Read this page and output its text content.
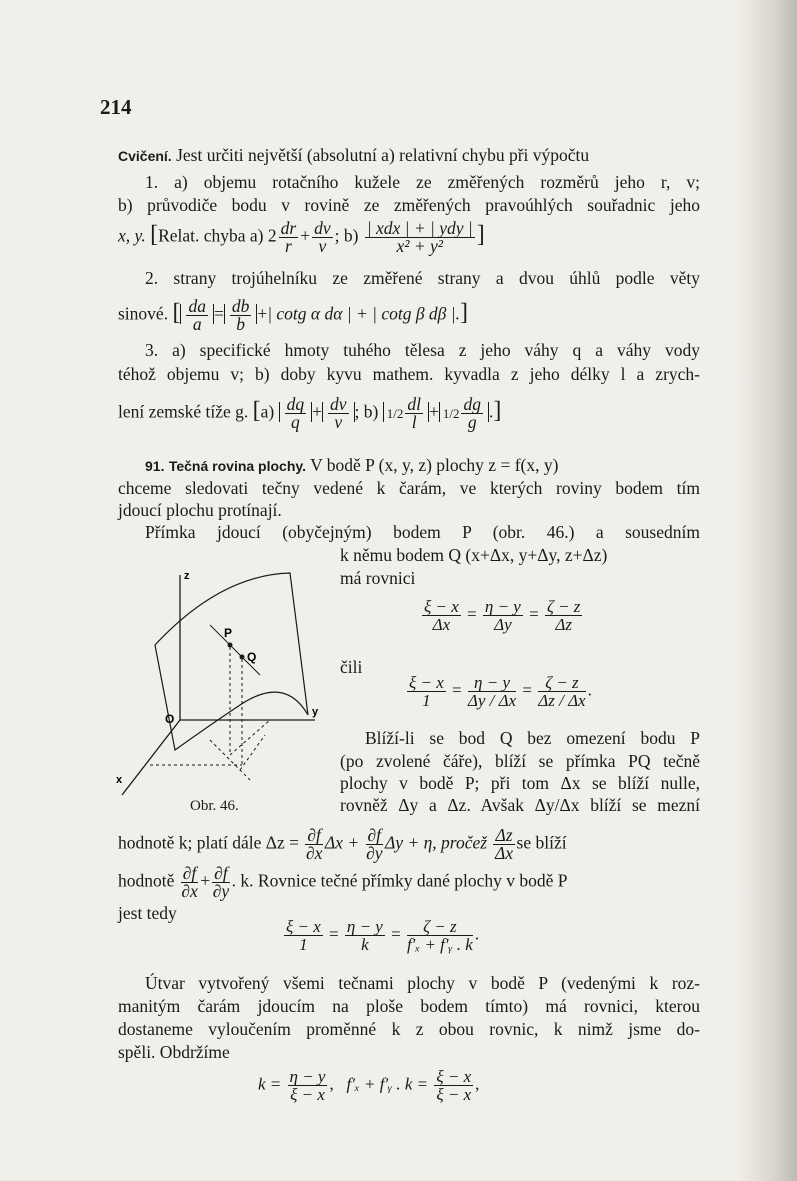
214
Cvičení. Jest určiti největší (absolutní a) relativní chybu při výpočtu
1. a) objemu rotačního kužele ze změřených rozměrů jeho r, v;
b) průvodiče bodu v rovině ze změřených pravoúhlých souřadnic jeho
x, y. [Relat. chyba a) $2 \frac{dr}{r} + \frac{dv}{v}$ ; $b) \frac{\text{| xdx | + | ydy |}}{\text{x² + y²}}$ ]
2. strany trojúhelníku ze změřené strany a dvou úhlů podle věty
sinové. [ $\frac{da}{a} = \frac{db}{b}$ +| cotg α dα | + | cotg β dβ |.]
3. a) specifické hmoty tuhého tělesa z jeho váhy q a váhy vody
téhož objemu v; b) doby kyvu mathem. kyvadla z jeho délky l a zrych-
lení zemské tíže g. $[a) \frac{dq}{q} + \frac{dv}{v}$ ; b) $1/2 \frac{dl}{l} + 1/2 \frac{dg}{g}$ .]
91. Tečná rovina plochy. V bodě P (x, y, z) plochy z = f(x, y)
chceme sledovati tečny vedené k čarám, ve kterých roviny bodem tím
jdoucí plochu protínají.
Přímka jdoucí (obyčejným) bodem P (obr. 46.) a sousedním
k němu bodem Q (x+Δx, y+Δy, z+Δz)
má rovnici
$\frac{\xi - x}{\Delta x} = \frac{\eta - y}{\Delta y} = \frac{\zeta - z}{\Delta z}$
čili
$\frac{\xi - x}{1} = \frac{\eta - y}{\Delta y / \Delta x} = \frac{\zeta - z}{\Delta z / \Delta x}$ .
Blíží-li se bod Q bez omezení bodu P
(po zvolené čáře), blíží se přímka PQ tečně
plochy v bodě P; při tom Δx se blíží nulle,
rovněž Δy a Δz. Avšak Δy/Δx blíží se mezní
hodnotě k; platí dále $\Delta z = \frac{\partial f}{\partial x}$ $\Delta x + \frac{\partial f}{\partial y}$ Δy + η, pročež $\frac{\Delta z}{\Delta x}$ se blíží
hodnotě $\frac{\partial f}{\partial x} + \frac{\partial f}{\partial y}$ . k. Rovnice tečné přímky dané plochy v bodě P
jest tedy
$\frac{\xi - x}{1} = \frac{\eta - y}{k} = \frac{\zeta - z}{\text{f′ₓ + f′ᵧ . k}}$ .
Útvar vytvořený všemi tečnami plochy v bodě P (vedenými k roz-
manitým čarám jdoucím na ploše bodem tímto) má rovnici, kterou
dostaneme vyloučením proměnné k z obou rovnic, k nimž jsme do-
spěli. Obdržíme
$k = \frac{\eta - y}{\xi - x}$ ,   f′ₓ + f′ᵧ . $k = \frac{\xi - x}{\xi - x}$ ,
z
y
x
O
P
Q
Obr. 46.
